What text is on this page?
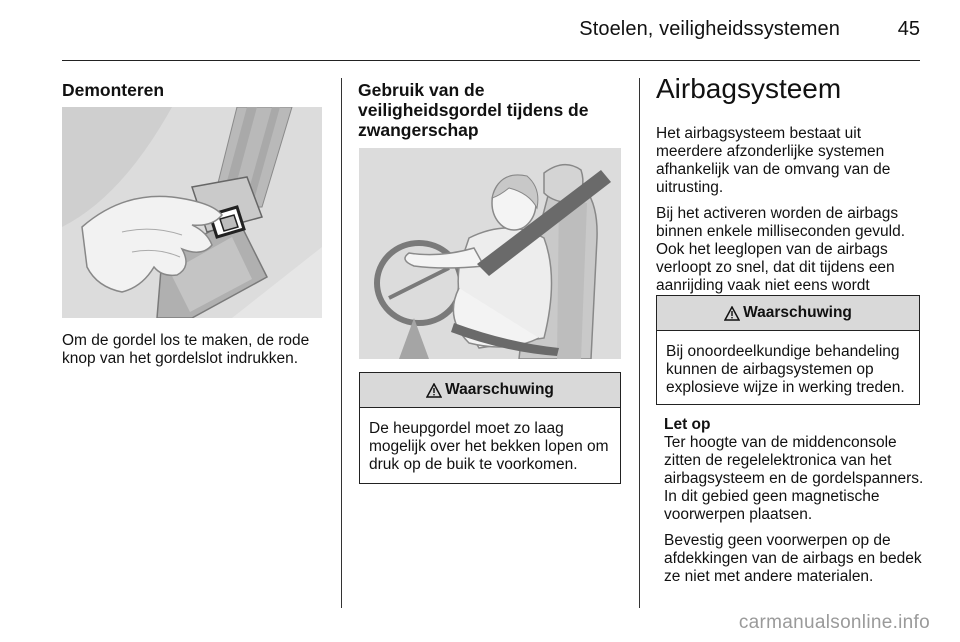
Stoelen, veiligheidssystemen	45
Demonteren

Om de gordel los te maken, de rode knop van het gordelslot indrukken.

Gebruik van de veiligheidsgordel tijdens de zwangerschap
Waarschuwing
De heupgordel moet zo laag mogelijk over het bekken lopen om druk op de buik te voorkomen.
Airbagsysteem

Het airbagsysteem bestaat uit meerdere afzonderlijke systemen afhankelijk van de omvang van de uitrusting.

Bij het activeren worden de airbags binnen enkele milliseconden gevuld. Ook het leeglopen van de airbags verloopt zo snel, dat dit tijdens een aanrijding vaak niet eens wordt

Waarschuwing
Bij onoordeelkundige behandeling kunnen de airbagsystemen op explosieve wijze in werking treden.
Let op

Ter hoogte van de middenconsole zitten de regelelektronica van het airbagsysteem en de gordelspanners. In dit gebied geen magnetische voorwerpen plaatsen.

Bevestig geen voorwerpen op de afdekkingen van de airbags en bedek ze niet met andere materialen.

carmanualsonline.info
